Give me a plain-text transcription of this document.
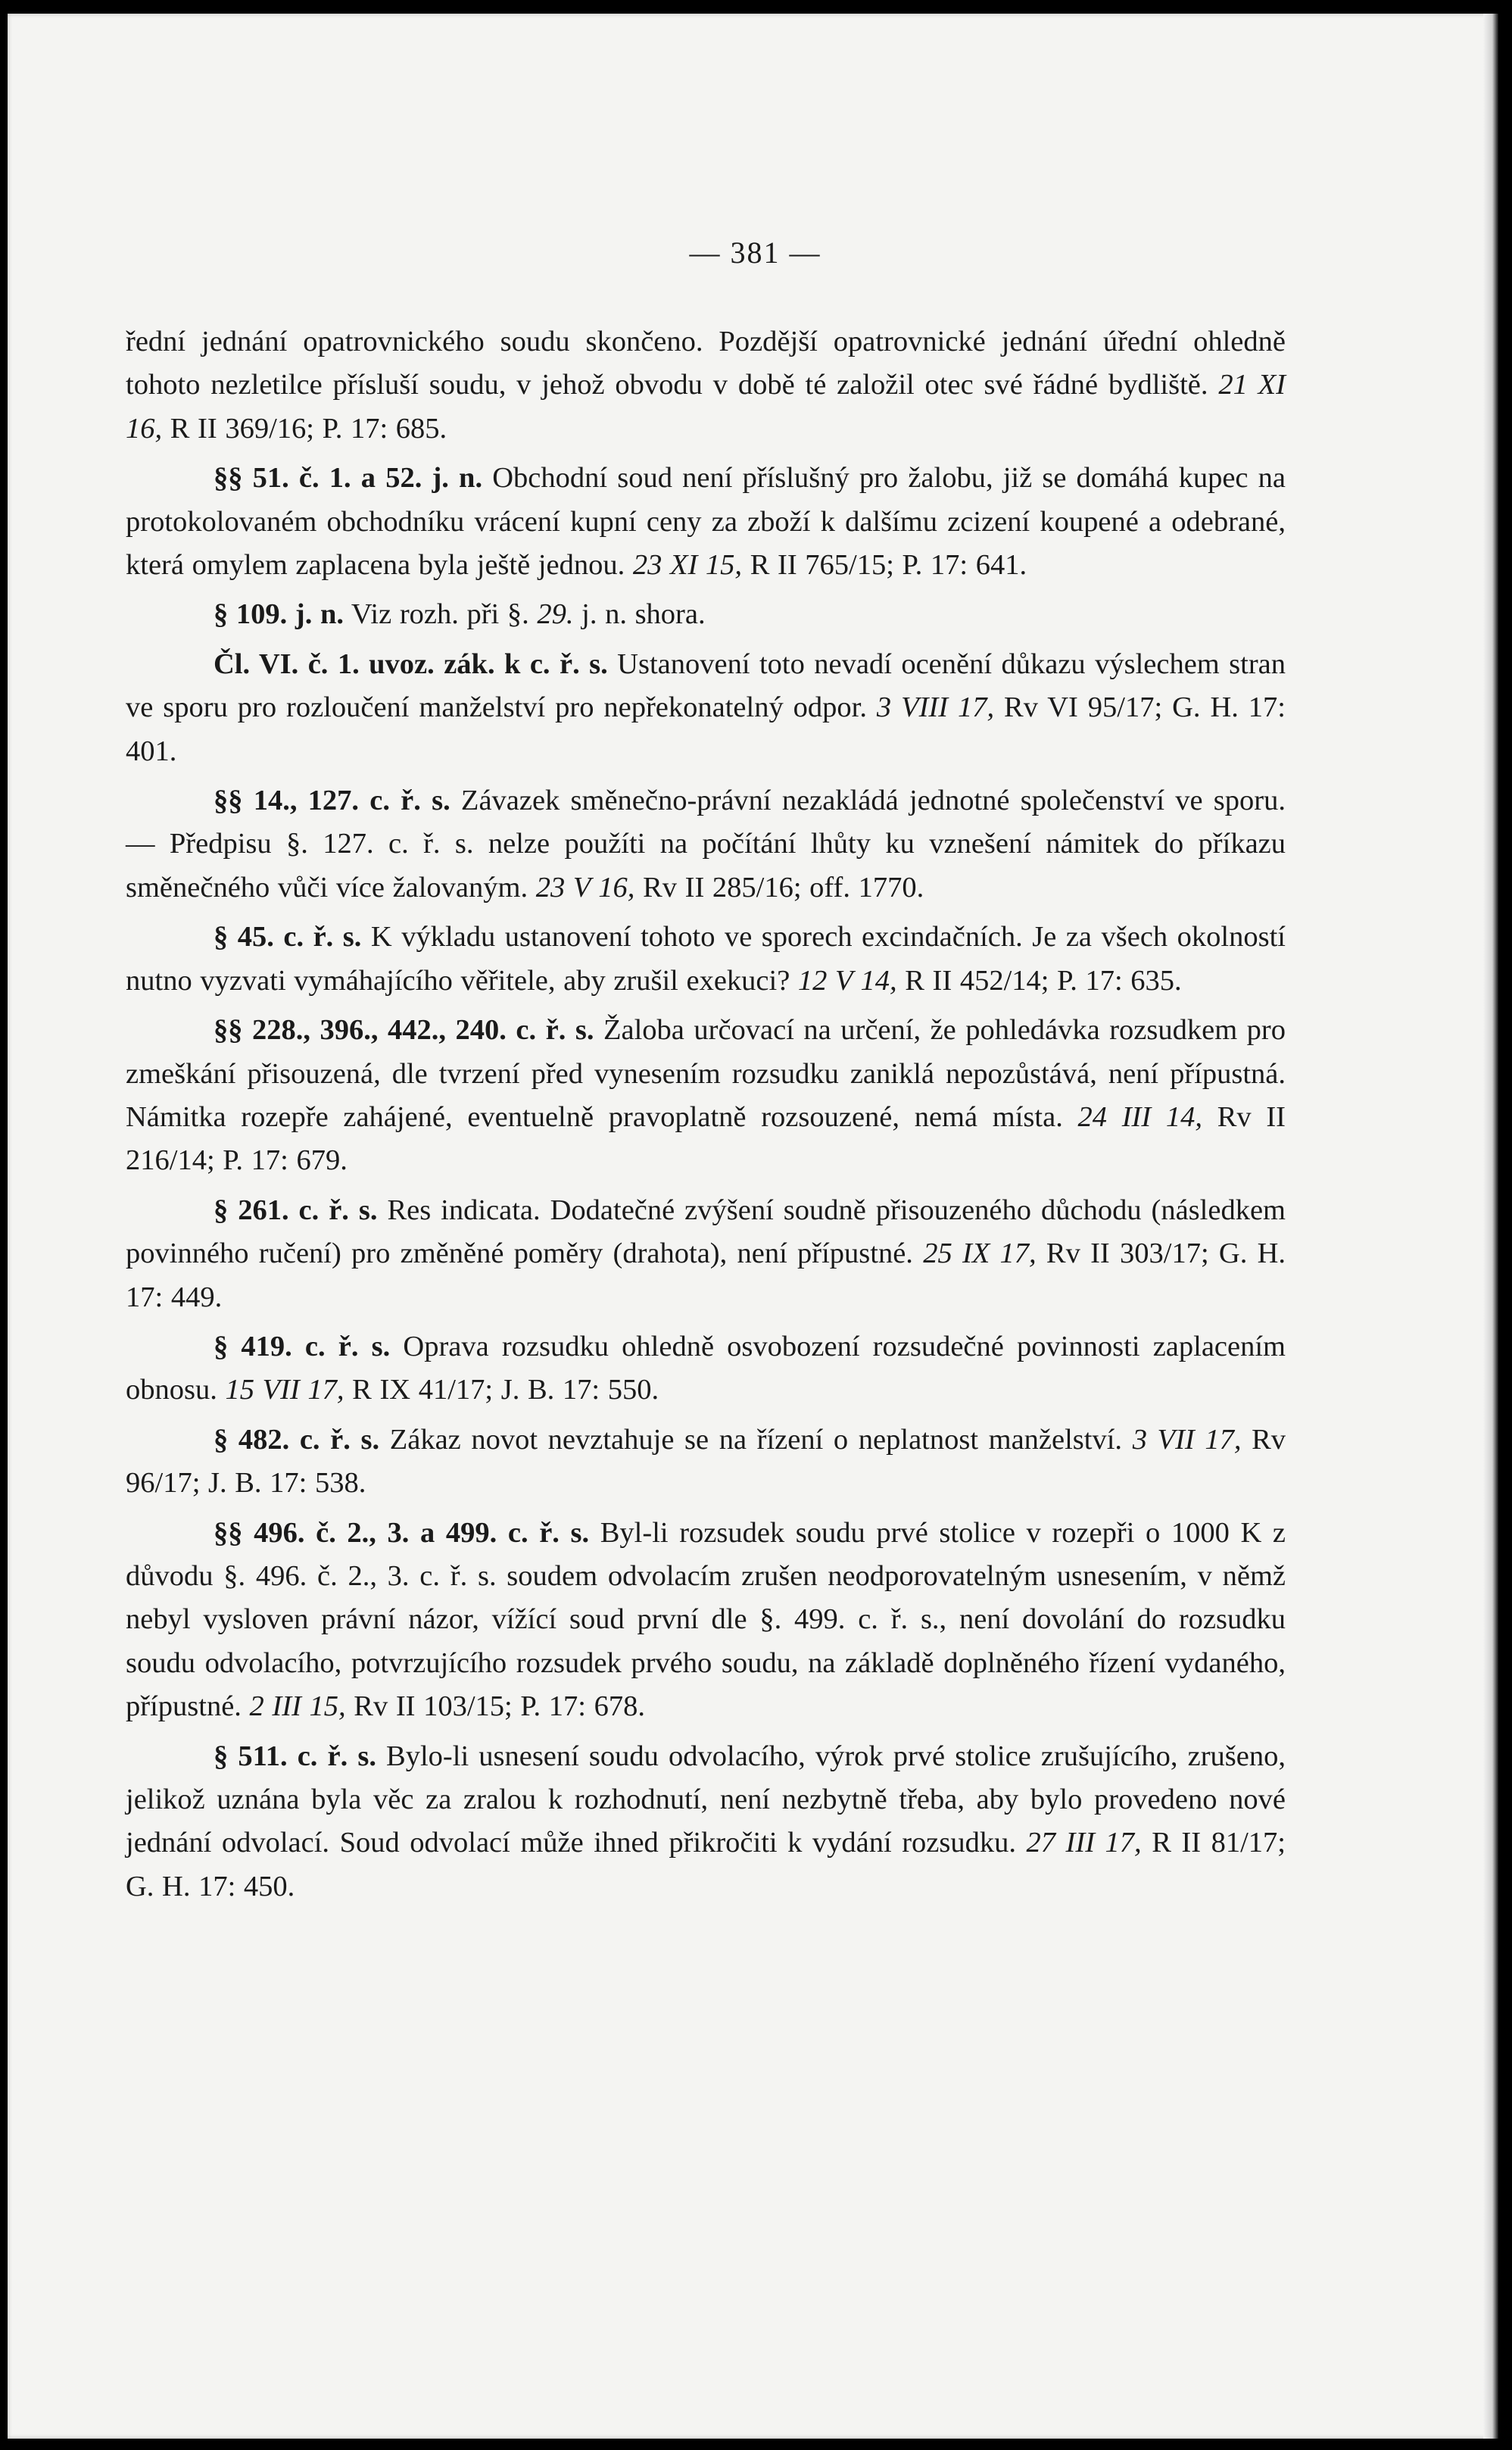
— 381 —

řední jednání opatrovnického soudu skončeno. Pozdější opatrovnické jednání úřední ohledně tohoto nezletilce přísluší soudu, v jehož obvodu v době té založil otec své řádné bydliště. 21 XI 16, R II 369/16; P. 17: 685.

§§ 51. č. 1. a 52. j. n. Obchodní soud není příslušný pro žalobu, již se domáhá kupec na protokolovaném obchodníku vrácení kupní ceny za zboží k dalšímu zcizení koupené a odebrané, která omylem zaplacena byla ještě jednou. 23 XI 15, R II 765/15; P. 17: 641.

§ 109. j. n. Viz rozh. při §. 29. j. n. shora.

Čl. VI. č. 1. uvoz. zák. k c. ř. s. Ustanovení toto nevadí ocenění důkazu výslechem stran ve sporu pro rozloučení manželství pro nepřekonatelný odpor. 3 VIII 17, Rv VI 95/17; G. H. 17: 401.

§§ 14., 127. c. ř. s. Závazek směnečno-právní nezakládá jednotné společenství ve sporu. — Předpisu §. 127. c. ř. s. nelze použíti na počítání lhůty ku vznešení námitek do příkazu směnečného vůči více žalovaným. 23 V 16, Rv II 285/16; off. 1770.

§ 45. c. ř. s. K výkladu ustanovení tohoto ve sporech excindačních. Je za všech okolností nutno vyzvati vymáhajícího věřitele, aby zrušil exekuci? 12 V 14, R II 452/14; P. 17: 635.

§§ 228., 396., 442., 240. c. ř. s. Žaloba určovací na určení, že pohledávka rozsudkem pro zmeškání přisouzená, dle tvrzení před vynesením rozsudku zaniklá nepozůstává, není přípustná. Námitka rozepře zahájené, eventuelně pravoplatně rozsouzené, nemá místa. 24 III 14, Rv II 216/14; P. 17: 679.

§ 261. c. ř. s. Res indicata. Dodatečné zvýšení soudně přisouzeného důchodu (následkem povinného ručení) pro změněné poměry (drahota), není přípustné. 25 IX 17, Rv II 303/17; G. H. 17: 449.

§ 419. c. ř. s. Oprava rozsudku ohledně osvobození rozsudečné povinnosti zaplacením obnosu. 15 VII 17, R IX 41/17; J. B. 17: 550.

§ 482. c. ř. s. Zákaz novot nevztahuje se na řízení o neplatnost manželství. 3 VII 17, Rv 96/17; J. B. 17: 538.

§§ 496. č. 2., 3. a 499. c. ř. s. Byl-li rozsudek soudu prvé stolice v rozepři o 1000 K z důvodu §. 496. č. 2., 3. c. ř. s. soudem odvolacím zrušen neodporovatelným usnesením, v němž nebyl vysloven právní názor, vížící soud první dle §. 499. c. ř. s., není dovolání do rozsudku soudu odvolacího, potvrzujícího rozsudek prvého soudu, na základě doplněného řízení vydaného, přípustné. 2 III 15, Rv II 103/15; P. 17: 678.

§ 511. c. ř. s. Bylo-li usnesení soudu odvolacího, výrok prvé stolice zrušujícího, zrušeno, jelikož uznána byla věc za zralou k rozhodnutí, není nezbytně třeba, aby bylo provedeno nové jednání odvolací. Soud odvolací může ihned přikročiti k vydání rozsudku. 27 III 17, R II 81/17; G. H. 17: 450.
